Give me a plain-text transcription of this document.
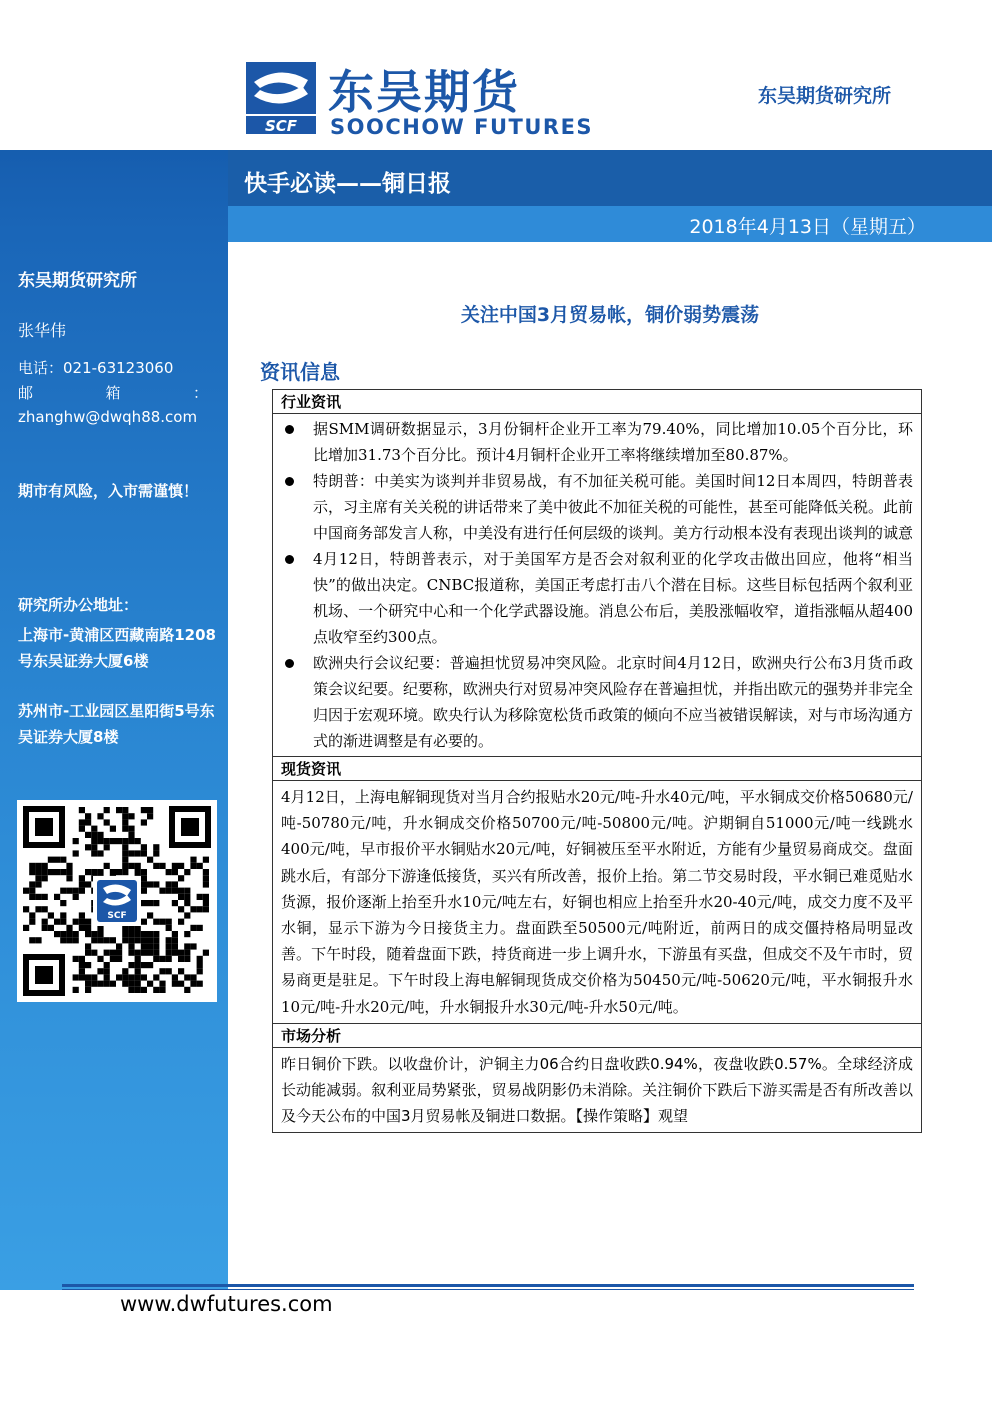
东吴期货研究所
张华伟
电话：021-63123060
邮	箱	：
zhanghw@dwqh88.com
期市有风险，入市需谨慎！
研究所办公地址：
上海市-黄浦区西藏南路1208号东吴证券大厦6楼
苏州市-工业园区星阳街5号东吴证券大厦8楼
SCF
SCF
东吴期货
SOOCHOW FUTURES
东吴期货研究所
快手必读——铜日报
2018年4月13日（星期五）
关注中国3月贸易帐，铜价弱势震荡
资讯信息
行业资讯
据SMM调研数据显示，3月份铜杆企业开工率为79.40%，同比增加10.05个百分比，环比增加31.73个百分比。预计4月铜杆企业开工率将继续增加至80.87%。
特朗普：中美实为谈判并非贸易战，有不加征关税可能。美国时间12日本周四，特朗普表示，习主席有关关税的讲话带来了美中彼此不加征关税的可能性，甚至可能降低关税。此前中国商务部发言人称，中美没有进行任何层级的谈判。美方行动根本没有表现出谈判的诚意
4月12日，特朗普表示，对于美国军方是否会对叙利亚的化学攻击做出回应，他将“相当快”的做出决定。CNBC报道称，美国正考虑打击八个潜在目标。这些目标包括两个叙利亚机场、一个研究中心和一个化学武器设施。消息公布后，美股涨幅收窄，道指涨幅从超400点收窄至约300点。
欧洲央行会议纪要：普遍担忧贸易冲突风险。北京时间4月12日，欧洲央行公布3月货币政策会议纪要。纪要称，欧洲央行对贸易冲突风险存在普遍担忧，并指出欧元的强势并非完全归因于宏观环境。欧央行认为移除宽松货币政策的倾向不应当被错误解读，对与市场沟通方式的渐进调整是有必要的。
现货资讯
4月12日，上海电解铜现货对当月合约报贴水20元/吨-升水40元/吨，平水铜成交价格50680元/吨-50780元/吨，升水铜成交价格50700元/吨-50800元/吨。沪期铜自51000元/吨一线跳水400元/吨，早市报价平水铜贴水20元/吨，好铜被压至平水附近，方能有少量贸易商成交。盘面跳水后，有部分下游逢低接货，买兴有所改善，报价上抬。第二节交易时段，平水铜已难觅贴水货源，报价逐渐上抬至升水10元/吨左右，好铜也相应上抬至升水20-40元/吨，成交力度不及平水铜，显示下游为今日接货主力。盘面跌至50500元/吨附近，前两日的成交僵持格局明显改善。下午时段，随着盘面下跌，持货商进一步上调升水，下游虽有买盘，但成交不及午市时，贸易商更是驻足。下午时段上海电解铜现货成交价格为50450元/吨-50620元/吨，平水铜报升水10元/吨-升水20元/吨，升水铜报升水30元/吨-升水50元/吨。
市场分析
昨日铜价下跌。以收盘价计，沪铜主力06合约日盘收跌0.94%，夜盘收跌0.57%。全球经济成长动能减弱。叙利亚局势紧张，贸易战阴影仍未消除。关注铜价下跌后下游买需是否有所改善以及今天公布的中国3月贸易帐及铜进口数据。【操作策略】观望
www.dwfutures.com
